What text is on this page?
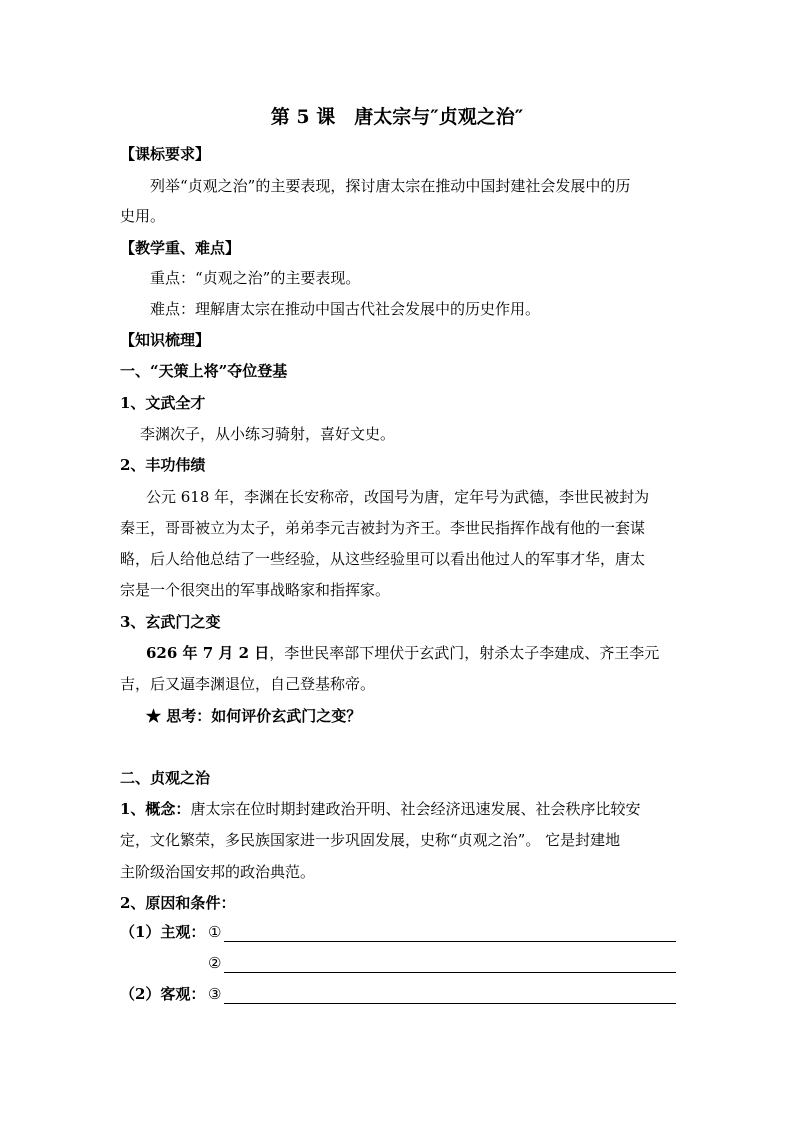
第 5 课　唐太宗与″贞观之治″
【课标要求】
列举“贞观之治”的主要表现，探讨唐太宗在推动中国封建社会发展中的历
史用。
【教学重、难点】
重点：“贞观之治”的主要表现。
难点：理解唐太宗在推动中国古代社会发展中的历史作用。
【知识梳理】
一、“天策上将”夺位登基
1、文武全才
李渊次子，从小练习骑射，喜好文史。
2、丰功伟绩
公元 618 年，李渊在长安称帝，改国号为唐，定年号为武德，李世民被封为
秦王，哥哥被立为太子，弟弟李元吉被封为齐王。李世民指挥作战有他的一套谋
略，后人给他总结了一些经验，从这些经验里可以看出他过人的军事才华，唐太
宗是一个很突出的军事战略家和指挥家。
3、玄武门之变
626 年 7 月 2 日，李世民率部下埋伏于玄武门，射杀太子李建成、齐王李元
吉，后又逼李渊退位，自己登基称帝。
★ 思考：如何评价玄武门之变？
二、贞观之治
1、概念：唐太宗在位时期封建政治开明、社会经济迅速发展、社会秩序比较安
定，文化繁荣，多民族国家进一步巩固发展，史称“贞观之治”。 它是封建地
主阶级治国安邦的政治典范。
2、原因和条件：
（1）主观： ①
②
（2）客观： ③
